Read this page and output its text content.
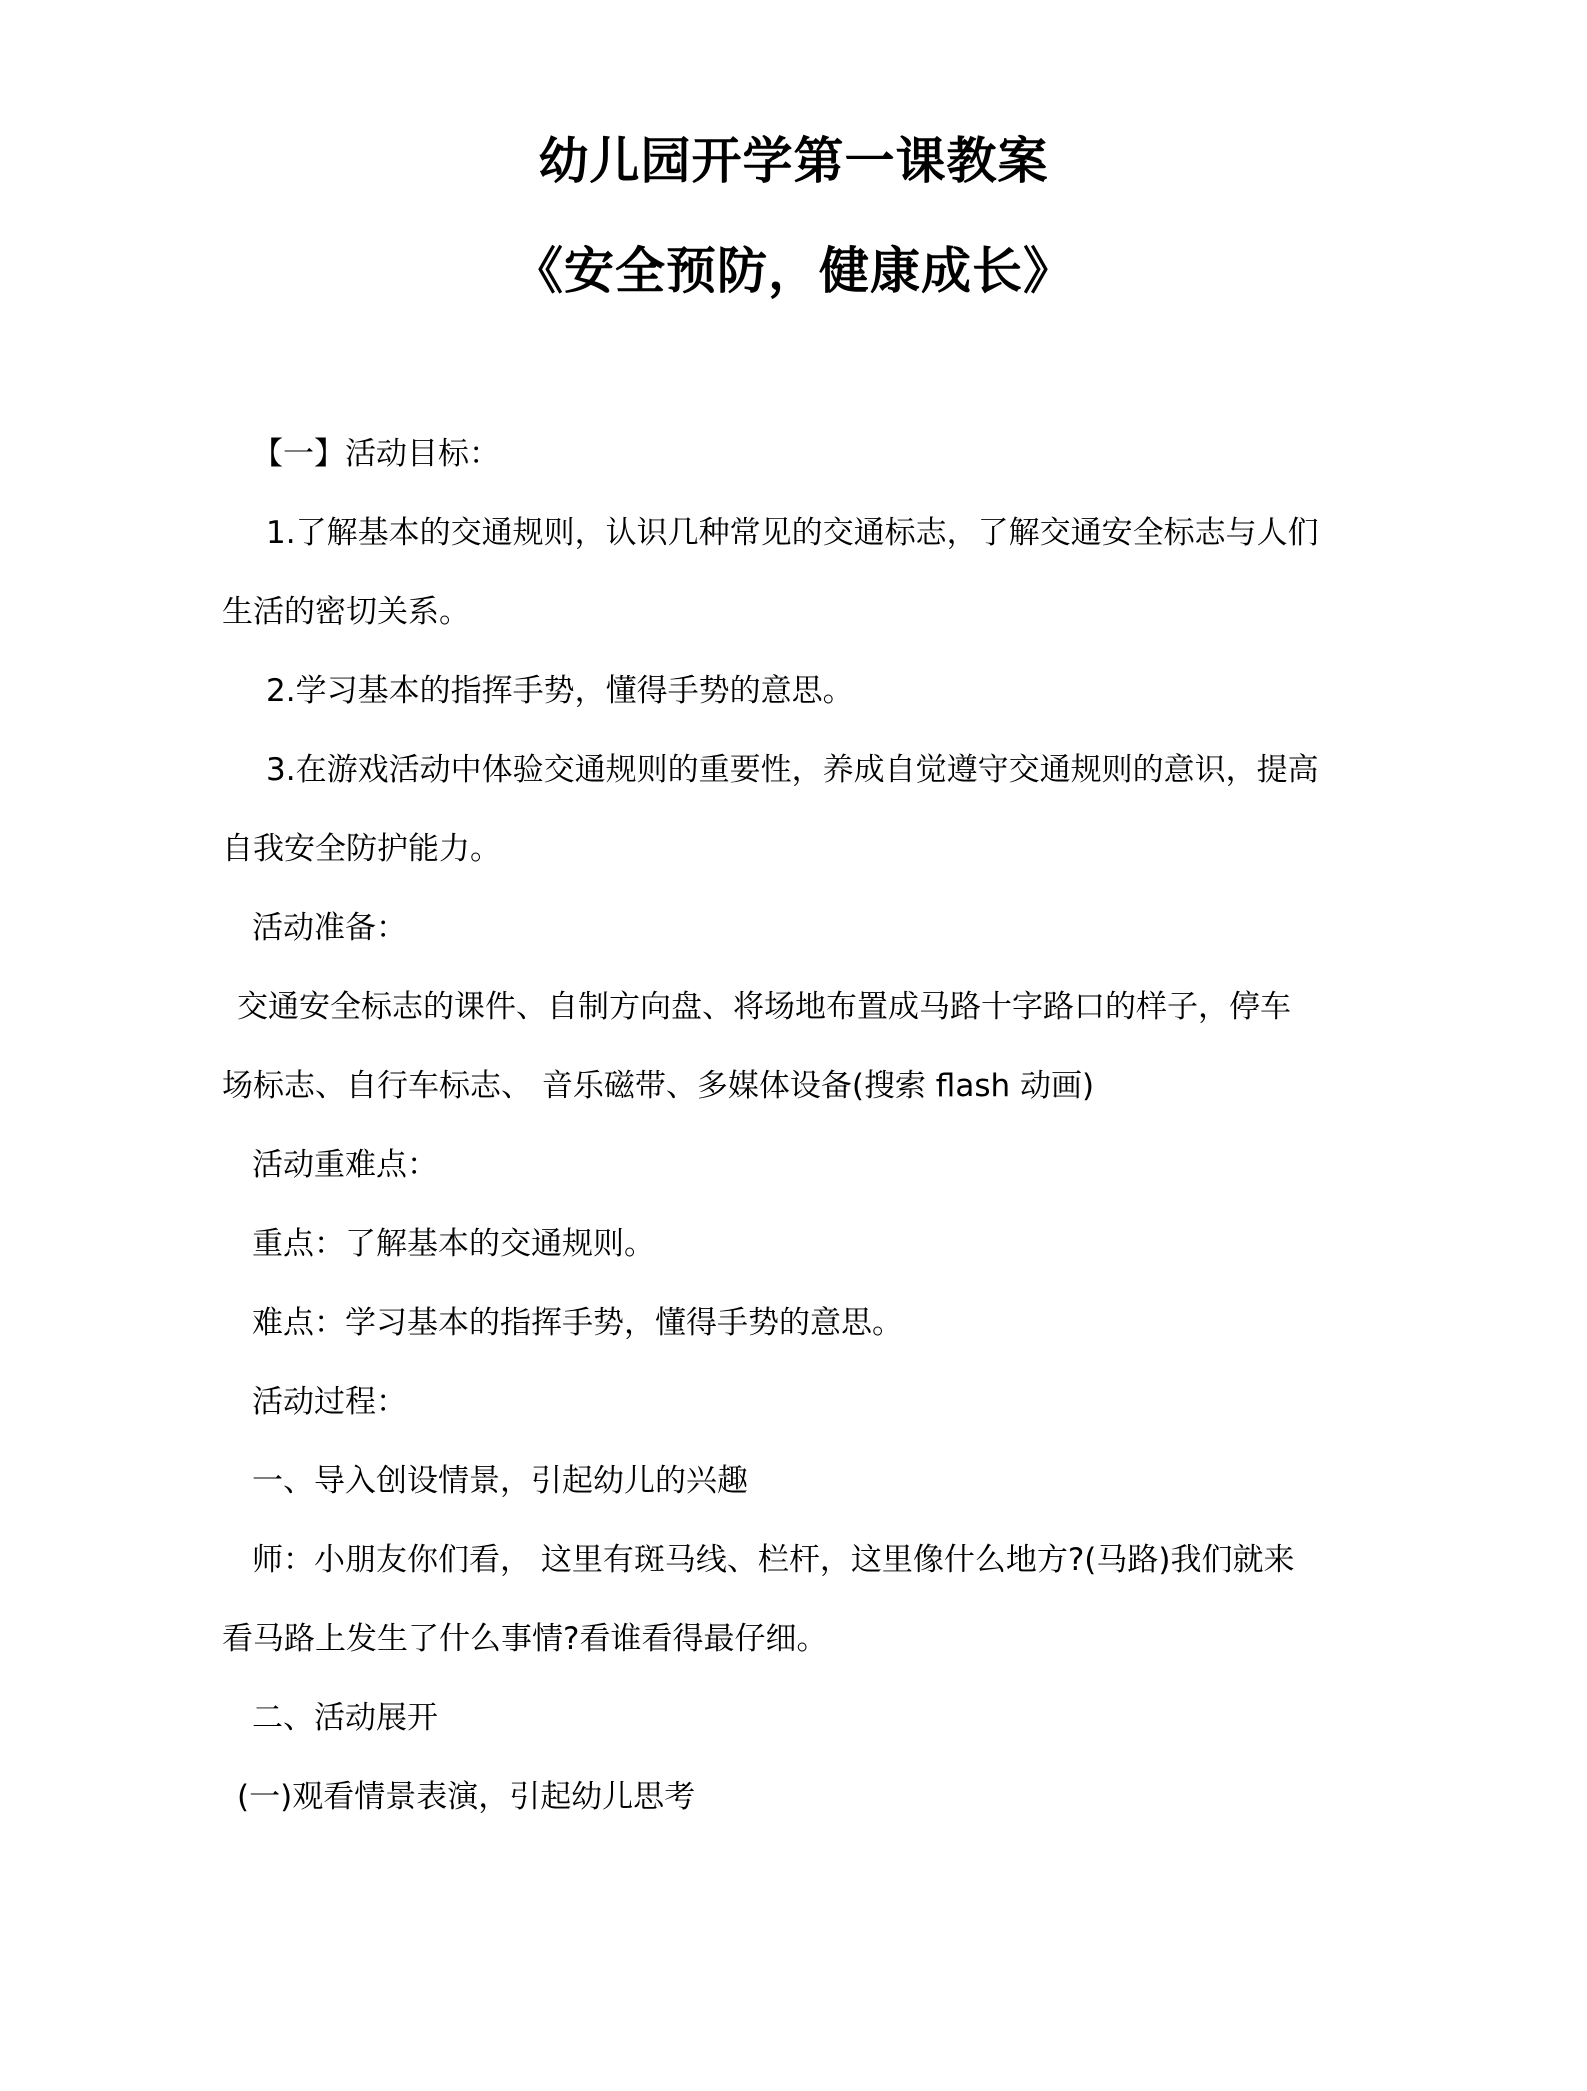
幼儿园开学第一课教案
《安全预防，健康成长》
【一】活动目标：
1.了解基本的交通规则，认识几种常见的交通标志，了解交通安全标志与人们
生活的密切关系。
2.学习基本的指挥手势，懂得手势的意思。
3.在游戏活动中体验交通规则的重要性，养成自觉遵守交通规则的意识，提高
自我安全防护能力。
活动准备：
交通安全标志的课件、自制方向盘、将场地布置成马路十字路口的样子，停车
场标志、自行车标志、 音乐磁带、多媒体设备(搜索 flash 动画)
活动重难点：
重点：了解基本的交通规则。
难点：学习基本的指挥手势，懂得手势的意思。
活动过程：
一、导入创设情景，引起幼儿的兴趣
师：小朋友你们看， 这里有斑马线、栏杆，这里像什么地方?(马路)我们就来
看马路上发生了什么事情?看谁看得最仔细。
二、活动展开
(一)观看情景表演，引起幼儿思考
